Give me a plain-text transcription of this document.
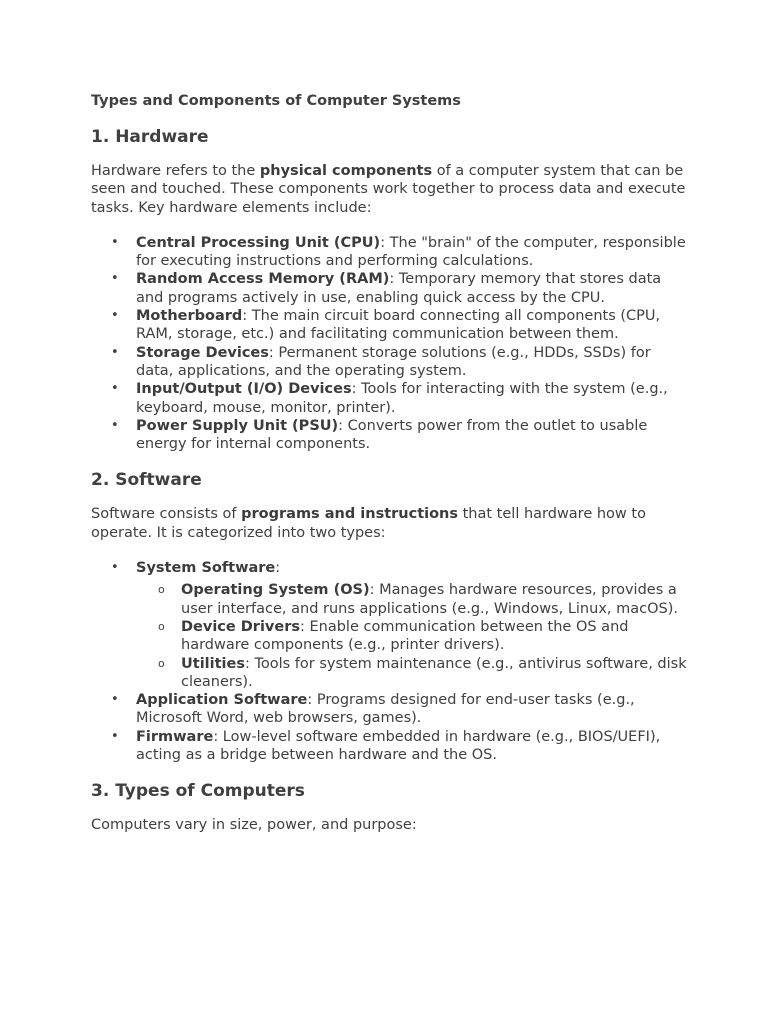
Types and Components of Computer Systems
1. Hardware

Hardware refers to the physical components of a computer system that can be seen and touched. These components work together to process data and execute tasks. Key hardware elements include:

• Central Processing Unit (CPU): The "brain" of the computer, responsible for executing instructions and performing calculations.
• Random Access Memory (RAM): Temporary memory that stores data and programs actively in use, enabling quick access by the CPU.
• Motherboard: The main circuit board connecting all components (CPU, RAM, storage, etc.) and facilitating communication between them.
• Storage Devices: Permanent storage solutions (e.g., HDDs, SSDs) for data, applications, and the operating system.
• Input/Output (I/O) Devices: Tools for interacting with the system (e.g., keyboard, mouse, monitor, printer).
• Power Supply Unit (PSU): Converts power from the outlet to usable energy for internal components.
2. Software

Software consists of programs and instructions that tell hardware how to operate. It is categorized into two types:

• System Software:
o Operating System (OS): Manages hardware resources, provides a user interface, and runs applications (e.g., Windows, Linux, macOS).
o Device Drivers: Enable communication between the OS and hardware components (e.g., printer drivers).
o Utilities: Tools for system maintenance (e.g., antivirus software, disk cleaners).
• Application Software: Programs designed for end-user tasks (e.g., Microsoft Word, web browsers, games).
• Firmware: Low-level software embedded in hardware (e.g., BIOS/UEFI), acting as a bridge between hardware and the OS.
3. Types of Computers

Computers vary in size, power, and purpose:
